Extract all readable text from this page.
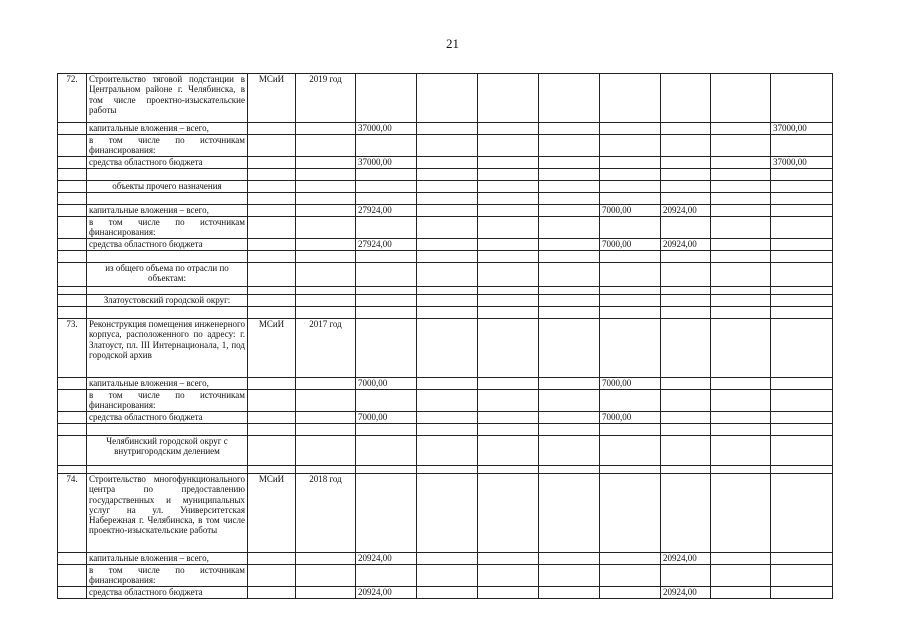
21
72.	Строительство тяговой подстанции в Центральном районе г. Челябинска, в том числе проектно-изыскательские работы	МСиИ	2019 год								
	капитальные вложения – всего,			37000,00							37000,00
	в том числе по источникам финансирования:										
	средства областного бюджета			37000,00							37000,00

	объекты прочего назначения										

	капитальные вложения – всего,			27924,00				7000,00	20924,00		
	в том числе по источникам финансирования:										
	средства областного бюджета			27924,00				7000,00	20924,00		

	из общего объема по отрасли по объектам:										

	Златоустовский городской округ:										

73.	Реконструкция помещения инженерного корпуса, расположенного по адресу: г. Златоуст, пл. III Интернационала, 1, под городской архив	МСиИ	2017 год								
	капитальные вложения – всего,			7000,00				7000,00			
	в том числе по источникам финансирования:										
	средства областного бюджета			7000,00				7000,00			

	Челябинский городской округ с внутригородским делением										

74.	Строительство многофункционального центра по предоставлению государственных и муниципальных услуг на ул. Университетская Набережная г. Челябинска, в том числе проектно-изыскательские работы	МСиИ	2018 год								
	капитальные вложения – всего,			20924,00					20924,00		
	в том числе по источникам финансирования:										
	средства областного бюджета			20924,00					20924,00		
